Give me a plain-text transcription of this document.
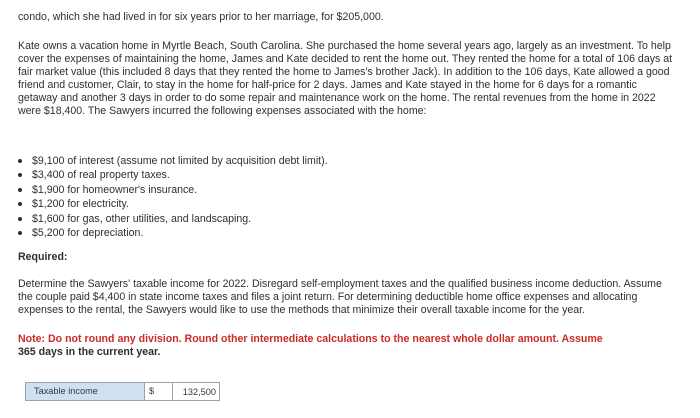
condo, which she had lived in for six years prior to her marriage, for $205,000.

Kate owns a vacation home in Myrtle Beach, South Carolina. She purchased the home several years ago, largely as an investment. To help cover the expenses of maintaining the home, James and Kate decided to rent the home out. They rented the home for a total of 106 days at fair market value (this included 8 days that they rented the home to James's brother Jack). In addition to the 106 days, Kate allowed a good friend and customer, Clair, to stay in the home for half-price for 2 days. James and Kate stayed in the home for 6 days for a romantic getaway and another 3 days in order to do some repair and maintenance work on the home. The rental revenues from the home in 2022 were $18,400. The Sawyers incurred the following expenses associated with the home:

$9,100 of interest (assume not limited by acquisition debt limit).
$3,400 of real property taxes.
$1,900 for homeowner's insurance.
$1,200 for electricity.
$1,600 for gas, other utilities, and landscaping.
$5,200 for depreciation.

Required:

Determine the Sawyers' taxable income for 2022. Disregard self-employment taxes and the qualified business income deduction. Assume the couple paid $4,400 in state income taxes and files a joint return. For determining deductible home office expenses and allocating expenses to the rental, the Sawyers would like to use the methods that minimize their overall taxable income for the year.

Note: Do not round any division. Round other intermediate calculations to the nearest whole dollar amount. Assume
365 days in the current year.

Taxable income	$
132,500
